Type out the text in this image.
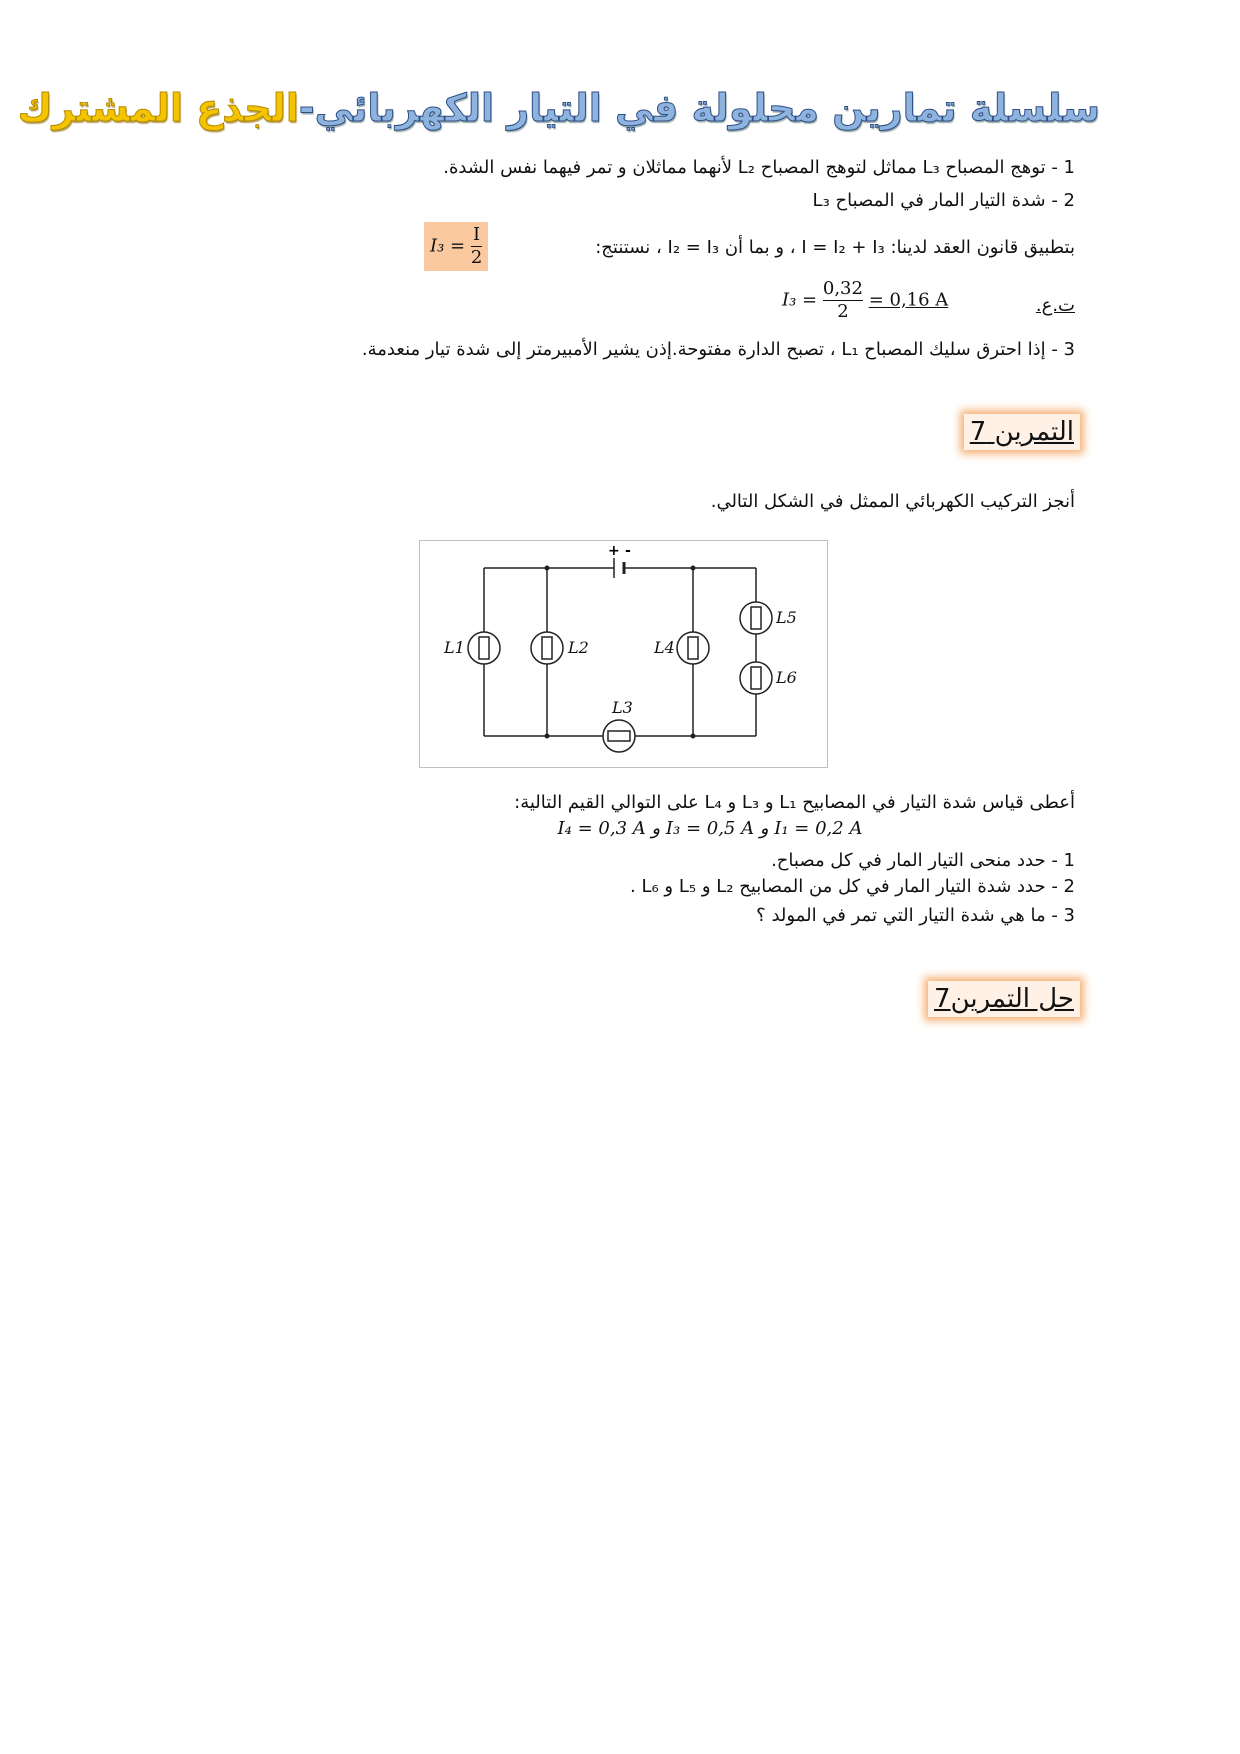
سلسلة تمارين محلولة في التيار الكهربائي-الجذع المشترك
1 - توهج المصباح L₃ مماثل لتوهج المصباح L₂ لأنهما مماثلان و تمر فيهما نفس الشدة.
2 - شدة التيار المار في المصباح L₃
بتطبيق قانون العقد لدينا: I = I₂ + I₃ ، و بما أن I₂ = I₃ ، نستنتج:
$I_3 = \frac{I}{2}$
ت.ع.
$I_3 = \frac{0,32}{2} = 0,16$ A
3 - إذا احترق سليك المصباح L₁ ، تصبح الدارة مفتوحة.إذن يشير الأمبيرمتر إلى شدة تيار منعدمة.
التمرين 7
أنجز التركيب الكهربائي الممثل في الشكل التالي.
+ -
L1	L2
L3
L4
L5
L6
أعطى قياس شدة التيار في المصابيح L₁ و L₃ و L₄ على التوالي القيم التالية:
I₄ = 0,3 A و I₃ = 0,5 A و I₁ = 0,2 A
1 - حدد منحى التيار المار في كل مصباح.
2 - حدد شدة التيار المار في كل من المصابيح L₂ و L₅ و L₆ .
3 - ما هي شدة التيار التي تمر في المولد ؟
حل التمرين7
